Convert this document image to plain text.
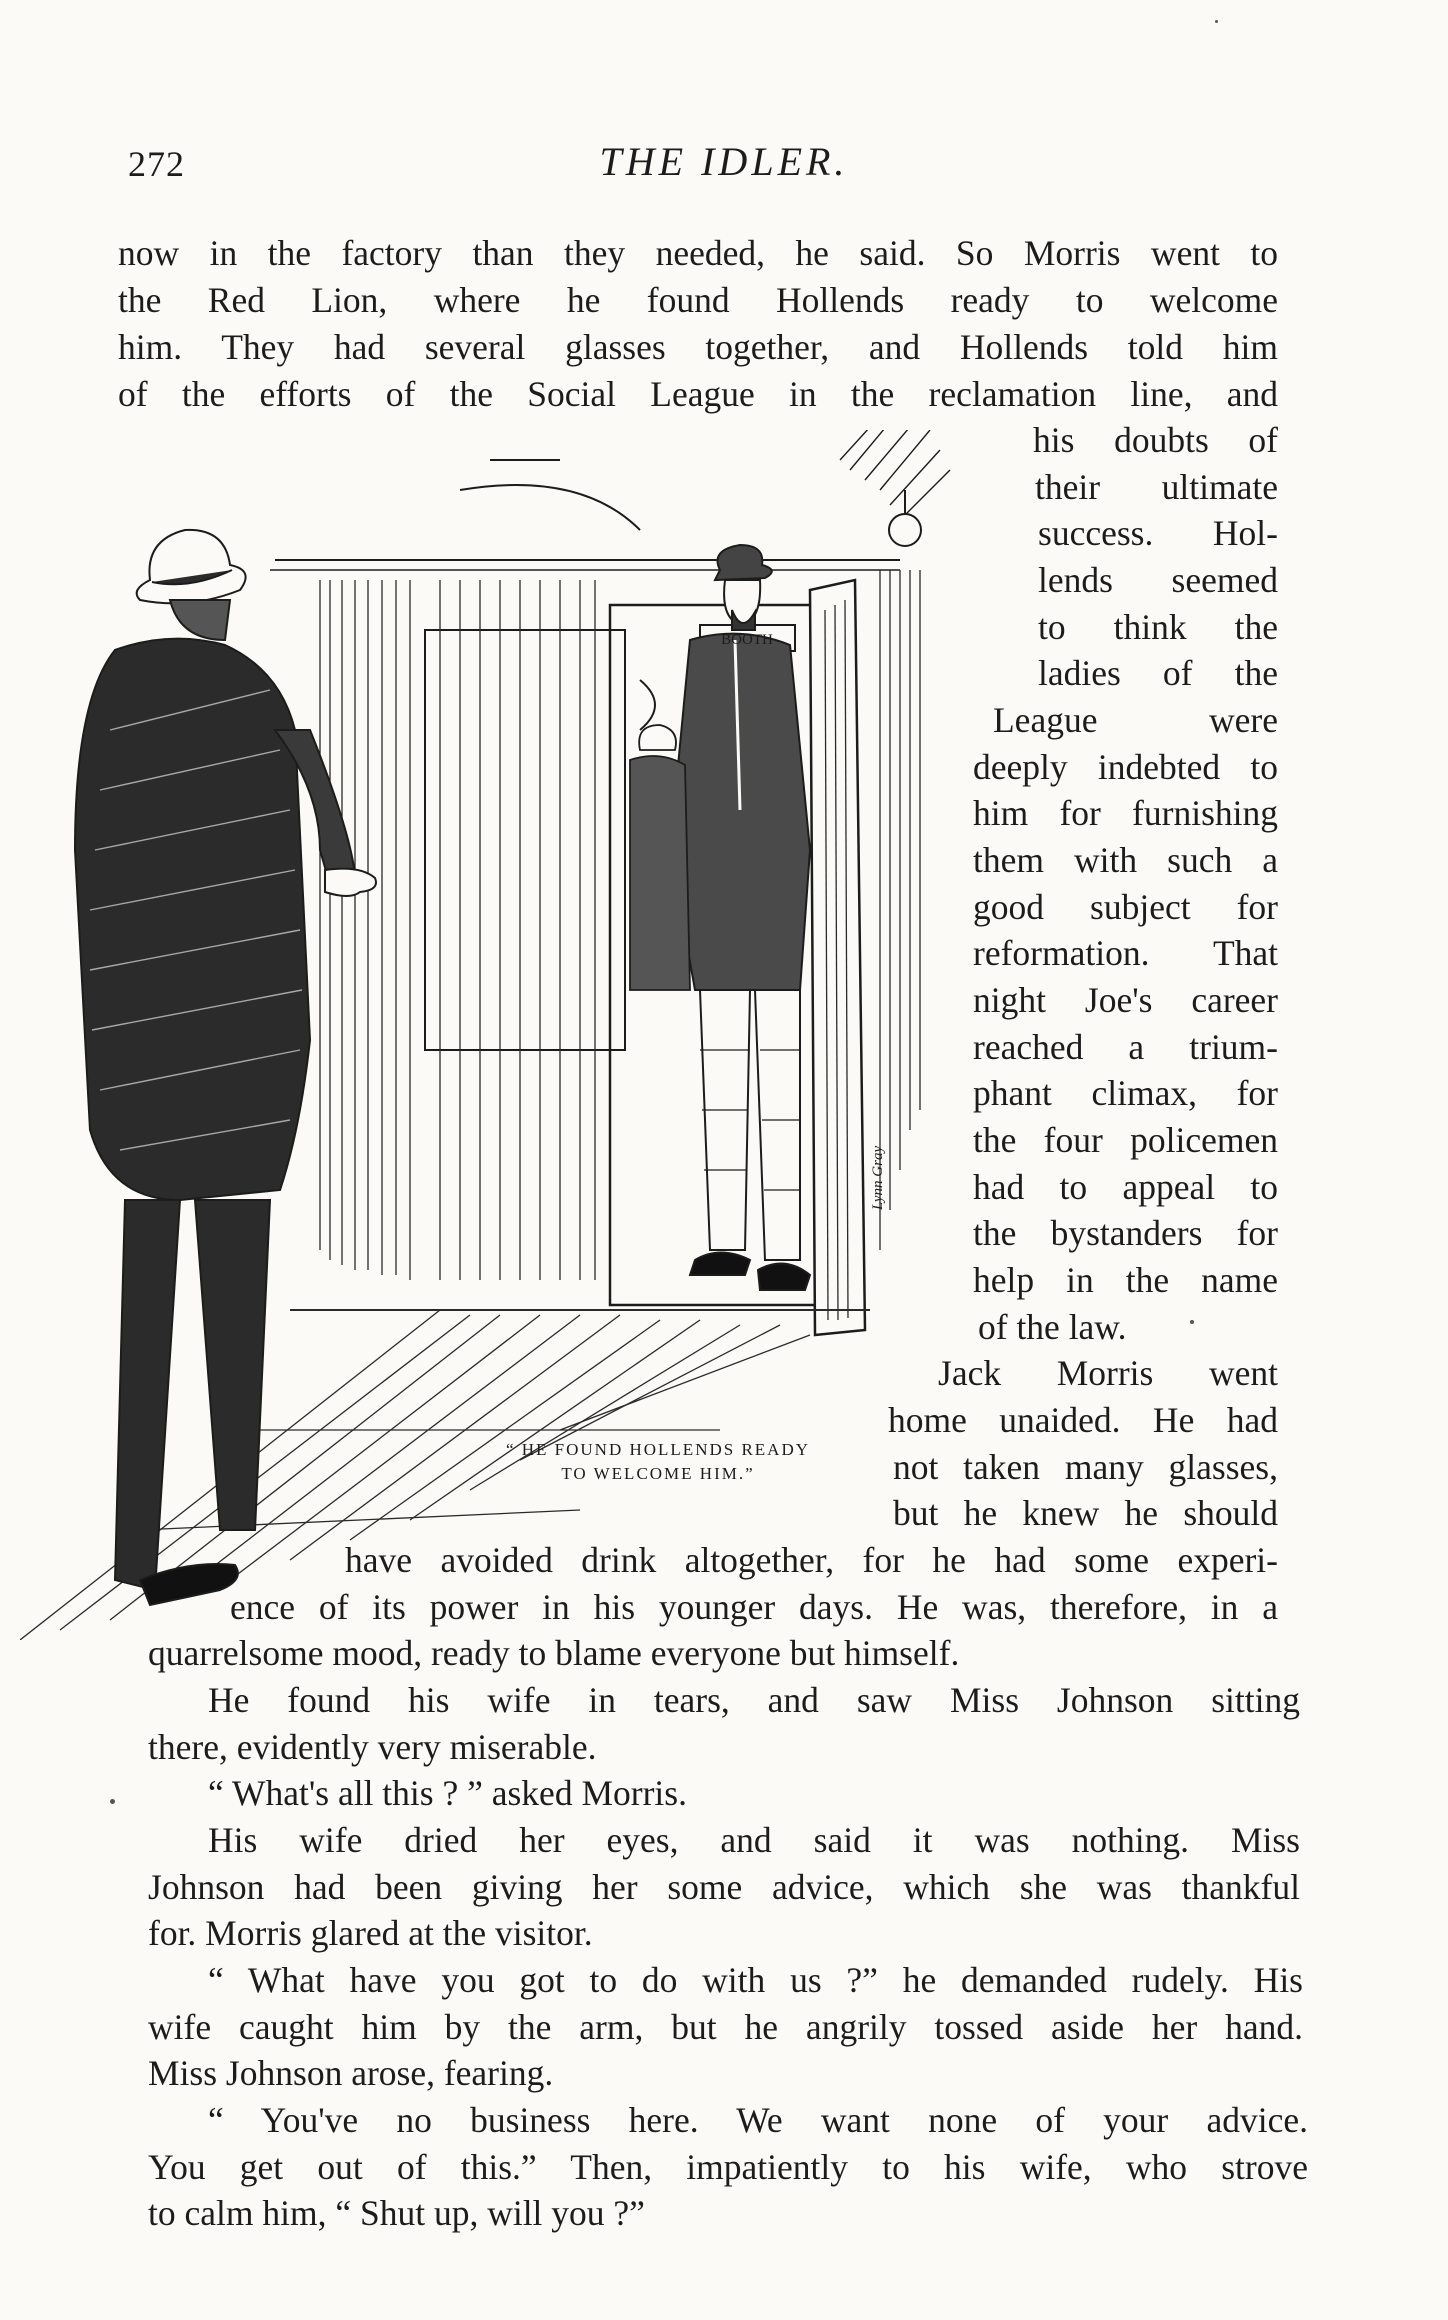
272	THE IDLER.
now in the factory than they needed, he said. So Morris went to
the Red Lion, where he found Hollends ready to welcome
him. They had several glasses together, and Hollends told him
of the efforts of the Social League in the reclamation line, and
Lynn Gray
BOOTH
“ HE FOUND HOLLENDS READY
TO WELCOME HIM.”
his doubts of
their ultimate
success. Hol-
lends seemed
to think the
ladies of the
League were
deeply indebted to
him for furnishing
them with such a
good subject for
reformation. That
night Joe's career
reached a trium-
phant climax, for
the four policemen
had to appeal to
the bystanders for
help in the name
of the law.
Jack Morris went
home unaided. He had
not taken many glasses,
but he knew he should
have avoided drink altogether, for he had some experi-
ence of its power in his younger days. He was, therefore, in a
quarrelsome mood, ready to blame everyone but himself.
He found his wife in tears, and saw Miss Johnson sitting
there, evidently very miserable.
“ What's all this ? ” asked Morris.
His wife dried her eyes, and said it was nothing. Miss
Johnson had been giving her some advice, which she was thankful
for. Morris glared at the visitor.
“ What have you got to do with us ?” he demanded rudely. His
wife caught him by the arm, but he angrily tossed aside her hand.
Miss Johnson arose, fearing.
“ You've no business here. We want none of your advice.
You get out of this.” Then, impatiently to his wife, who strove
to calm him, “ Shut up, will you ?”
